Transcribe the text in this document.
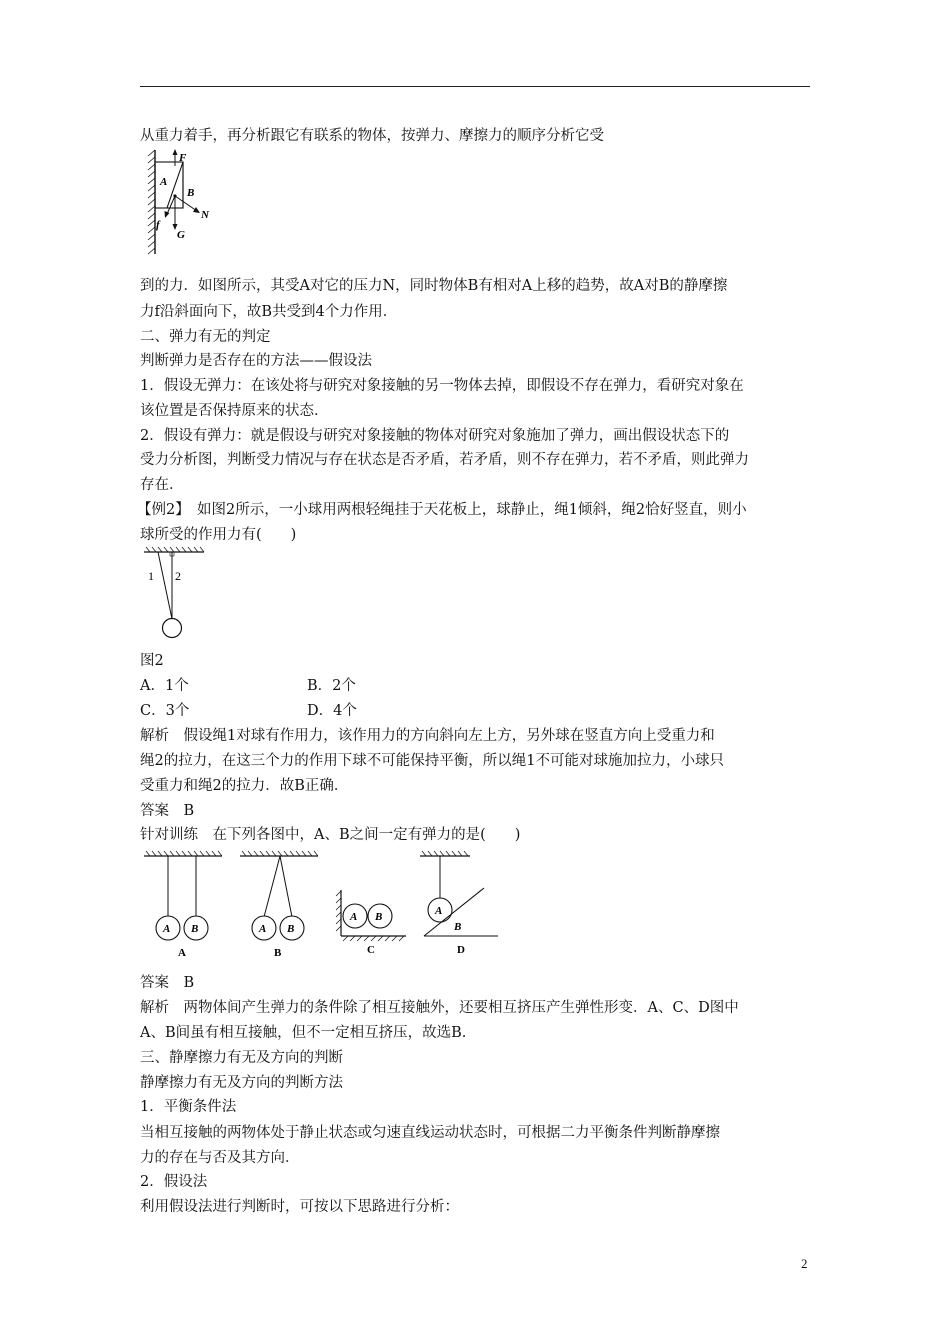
从重力着手，再分析跟它有联系的物体，按弹力、摩擦力的顺序分析它受
F
A
B
N
f
G
到的力．如图所示，其受A对它的压力N，同时物体B有相对A上移的趋势，故A对B的静摩擦
力f沿斜面向下，故B共受到4个力作用．
二、弹力有无的判定
判断弹力是否存在的方法——假设法
1．假设无弹力：在该处将与研究对象接触的另一物体去掉，即假设不存在弹力，看研究对象在
该位置是否保持原来的状态．
2．假设有弹力：就是假设与研究对象接触的物体对研究对象施加了弹力，画出假设状态下的
受力分析图，判断受力情况与存在状态是否矛盾，若矛盾，则不存在弹力，若不矛盾，则此弹力
存在．
【例2】　如图2所示，一小球用两根轻绳挂于天花板上，球静止，绳1倾斜，绳2恰好竖直，则小
球所受的作用力有(　　)
1 2
图2
A．1个	B．2个
C．3个	D．4个
解析　假设绳1对球有作用力，该作用力的方向斜向左上方，另外球在竖直方向上受重力和
绳2的拉力，在这三个力的作用下球不可能保持平衡，所以绳1不可能对球施加拉力，小球只
受重力和绳2的拉力．故B正确．
答案　B
针对训练　在下列各图中，A、B之间一定有弹力的是(　　)
A B	A B
A B	A
B
A	B	C	D
答案　B
解析　两物体间产生弹力的条件除了相互接触外，还要相互挤压产生弹性形变．A、C、D图中
A、B间虽有相互接触，但不一定相互挤压，故选B.
三、静摩擦力有无及方向的判断
静摩擦力有无及方向的判断方法
1．平衡条件法
当相互接触的两物体处于静止状态或匀速直线运动状态时，可根据二力平衡条件判断静摩擦
力的存在与否及其方向．
2．假设法
利用假设法进行判断时，可按以下思路进行分析：
2
